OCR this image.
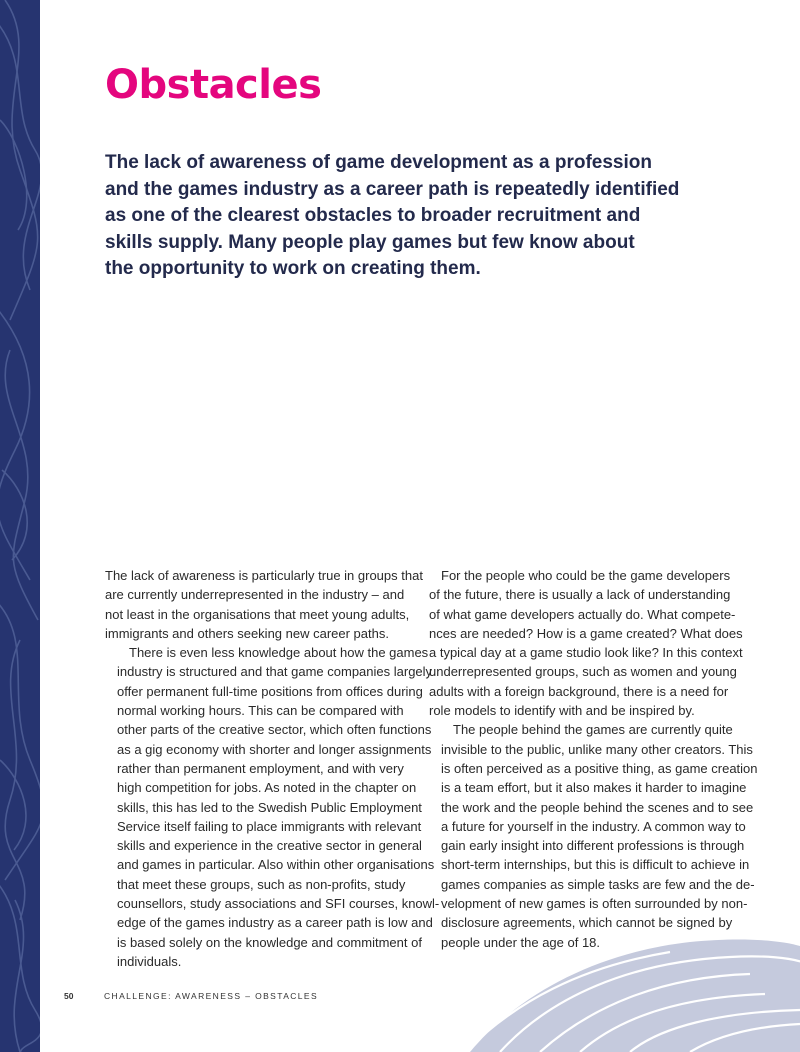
Obstacles
The lack of awareness of game development as a profession
and the games industry as a career path is repeatedly identified
as one of the clearest obstacles to broader recruitment and
skills supply. Many people play games but few know about
the opportunity to work on creating them.

The lack of awareness is particularly true in groups that
are currently underrepresented in the industry – and
not least in the organisations that meet young adults,
immigrants and others seeking new career paths.

There is even less knowledge about how the games
industry is structured and that game companies largely
offer permanent full-time positions from offices during
normal working hours. This can be compared with
other parts of the creative sector, which often functions
as a gig economy with shorter and longer assignments
rather than permanent employment, and with very
high competition for jobs. As noted in the chapter on
skills, this has led to the Swedish Public Employment
Service itself failing to place immigrants with relevant
skills and experience in the creative sector in general
and games in particular. Also within other organisations
that meet these groups, such as non-profits, study
counsellors, study associations and SFI courses, knowl-
edge of the games industry as a career path is low and
is based solely on the knowledge and commitment of
individuals.

For the people who could be the game developers
of the future, there is usually a lack of understanding
of what game developers actually do. What compete-
nces are needed? How is a game created? What does
a typical day at a game studio look like? In this context
underrepresented groups, such as women and young
adults with a foreign background, there is a need for
role models to identify with and be inspired by.

The people behind the games are currently quite
invisible to the public, unlike many other creators. This
is often perceived as a positive thing, as game creation
is a team effort, but it also makes it harder to imagine
the work and the people behind the scenes and to see
a future for yourself in the industry. A common way to
gain early insight into different professions is through
short-term internships, but this is difficult to achieve in
games companies as simple tasks are few and the de-
velopment of new games is often surrounded by non-
disclosure agreements, which cannot be signed by
people under the age of 18.

50	CHALLENGE: AWARENESS – OBSTACLES
